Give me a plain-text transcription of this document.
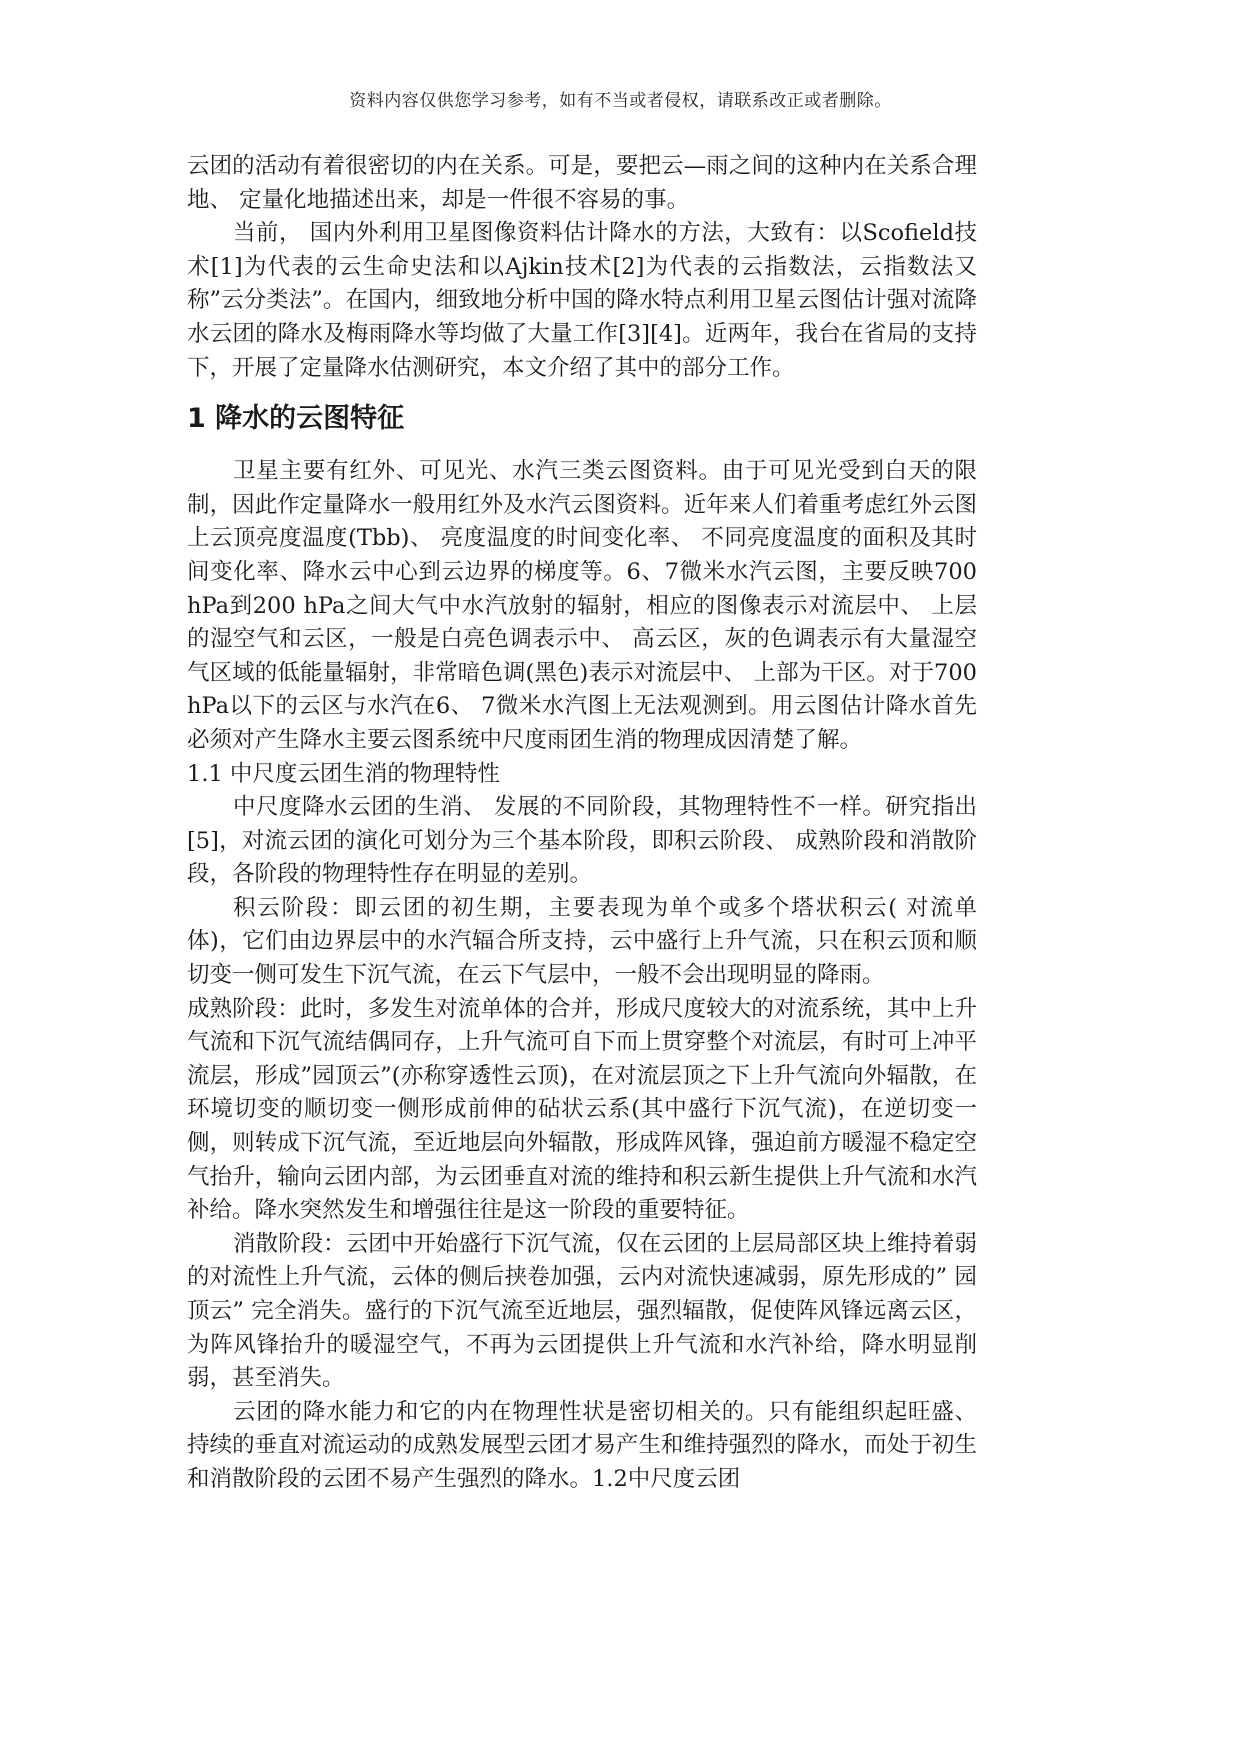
资料内容仅供您学习参考，如有不当或者侵权，请联系改正或者删除。

云团的活动有着很密切的内在关系。可是，要把云—雨之间的这种内在关系合理地、 定量化地描述出来，却是一件很不容易的事。

当前， 国内外利用卫星图像资料估计降水的方法，大致有：以Scofield技术[1]为代表的云生命史法和以Ajkin技术[2]为代表的云指数法，云指数法又称”云分类法”。在国内，细致地分析中国的降水特点利用卫星云图估计强对流降水云团的降水及梅雨降水等均做了大量工作[3][4]。近两年，我台在省局的支持下，开展了定量降水估测研究，本文介绍了其中的部分工作。

1 降水的云图特征

卫星主要有红外、可见光、水汽三类云图资料。由于可见光受到白天的限制，因此作定量降水一般用红外及水汽云图资料。近年来人们着重考虑红外云图上云顶亮度温度(Tbb)、 亮度温度的时间变化率、 不同亮度温度的面积及其时间变化率、降水云中心到云边界的梯度等。6、7微米水汽云图，主要反映700 hPa到200 hPa之间大气中水汽放射的辐射，相应的图像表示对流层中、 上层的湿空气和云区，一般是白亮色调表示中、 高云区，灰的色调表示有大量湿空气区域的低能量辐射，非常暗色调(黑色)表示对流层中、 上部为干区。对于700 hPa以下的云区与水汽在6、 7微米水汽图上无法观测到。用云图估计降水首先必须对产生降水主要云图系统中尺度雨团生消的物理成因清楚了解。

1.1 中尺度云团生消的物理特性

中尺度降水云团的生消、 发展的不同阶段，其物理特性不一样。研究指出[5]，对流云团的演化可划分为三个基本阶段，即积云阶段、 成熟阶段和消散阶段，各阶段的物理特性存在明显的差别。

积云阶段：即云团的初生期，主要表现为单个或多个塔状积云( 对流单体)，它们由边界层中的水汽辐合所支持，云中盛行上升气流，只在积云顶和顺切变一侧可发生下沉气流，在云下气层中，一般不会出现明显的降雨。

成熟阶段：此时，多发生对流单体的合并，形成尺度较大的对流系统，其中上升气流和下沉气流结偶同存，上升气流可自下而上贯穿整个对流层，有时可上冲平流层，形成”园顶云”(亦称穿透性云顶)，在对流层顶之下上升气流向外辐散，在环境切变的顺切变一侧形成前伸的砧状云系(其中盛行下沉气流)，在逆切变一侧，则转成下沉气流，至近地层向外辐散，形成阵风锋，强迫前方暖湿不稳定空气抬升，输向云团内部，为云团垂直对流的维持和积云新生提供上升气流和水汽补给。降水突然发生和增强往往是这一阶段的重要特征。

消散阶段：云团中开始盛行下沉气流，仅在云团的上层局部区块上维持着弱的对流性上升气流，云体的侧后挟卷加强，云内对流快速减弱，原先形成的” 园顶云” 完全消失。盛行的下沉气流至近地层，强烈辐散，促使阵风锋远离云区，为阵风锋抬升的暖湿空气，不再为云团提供上升气流和水汽补给，降水明显削弱，甚至消失。

云团的降水能力和它的内在物理性状是密切相关的。只有能组织起旺盛、 持续的垂直对流运动的成熟发展型云团才易产生和维持强烈的降水，而处于初生和消散阶段的云团不易产生强烈的降水。1.2中尺度云团
